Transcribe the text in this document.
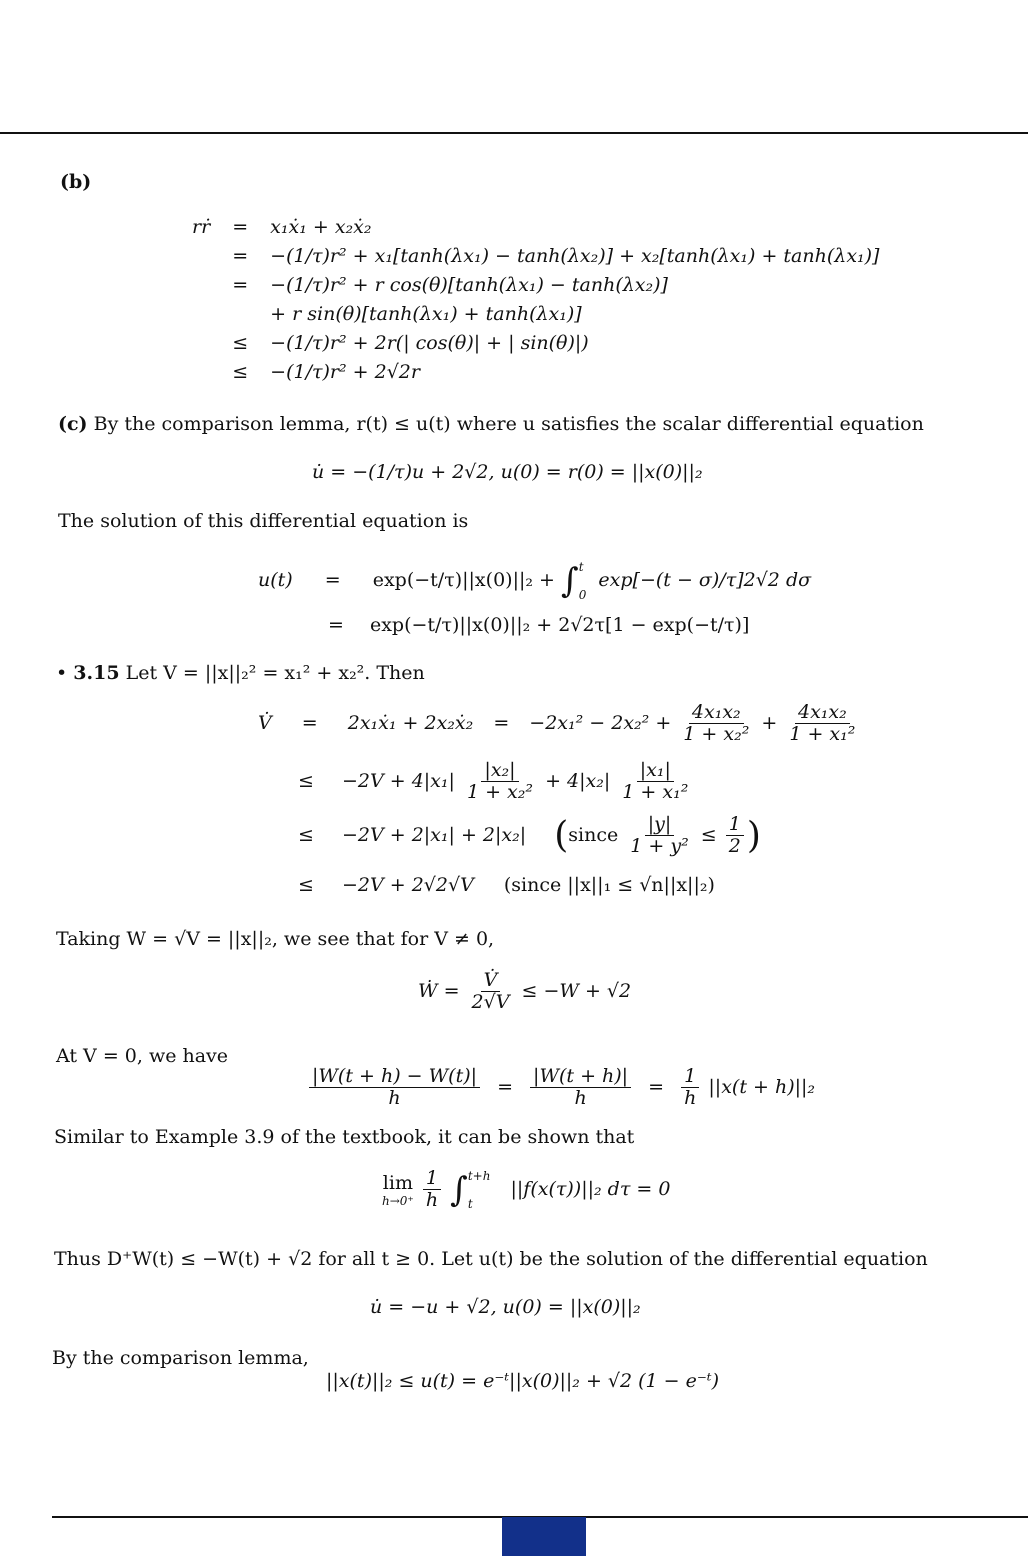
(b)
rṙ	=	x₁ẋ₁ + x₂ẋ₂
	=	−(1/τ)r² + x₁[tanh(λx₁) − tanh(λx₂)] + x₂[tanh(λx₁) + tanh(λx₁)]
	=	−(1/τ)r² + r cos(θ)[tanh(λx₁) − tanh(λx₂)]
		+ r sin(θ)[tanh(λx₁) + tanh(λx₁)]
	≤	−(1/τ)r² + 2r(| cos(θ)| + | sin(θ)|)
	≤	−(1/τ)r² + 2√2r
(c) By the comparison lemma, r(t) ≤ u(t) where u satisfies the scalar differential equation
u̇ = −(1/τ)u + 2√2, u(0) = r(0) = ||x(0)||₂
The solution of this differential equation is
u(t) = exp(−t/τ)||x(0)||₂ + ∫ t
0
exp[−(t − σ)/τ]2√2 dσ
= exp(−t/τ)||x(0)||₂ + 2√2τ[1 − exp(−t/τ)]
• 3.15 Let V = ||x||₂² = x₁² + x₂². Then
V̇ = 2x₁ẋ₁ + 2x₂ẋ₂ = $-2x_1^2 - 2x_2^2 + \frac{\text{4x₁x₂}}{\text{1 + x₂²}} + \frac{\text{4x₁x₂}}{\text{1 + x₁²}}$
≤ $-2V + 4|x_1| \frac{\text{|x₂|}}{\text{1 + x₂²}} + 4|x_2| \frac{\text{|x₁|}}{\text{1 + x₁²}}$
≤ −2V + 2|x₁| + 2|x₂| (since $\frac{|y|}{\text{1 + y²}} \le \frac{1}{2}$ )
≤ −2V + 2√2√V (since ||x||₁ ≤ √n||x||₂)
Taking W = √V = ||x||₂, we see that for V ≠ 0,
Ẇ = $\frac{V̇}{2√V} \le -W + √2$
At V = 0, we have
$\frac{|W(t + h) - W(t)|}{h} = \frac{|W(t + h)|}{h} = \frac{1}{h} ||x(t + h)||_2$
Similar to Example 3.9 of the textbook, it can be shown that
lim
h→0⁺
$\frac{1}{h}$ ∫ t+h
t
||f(x(τ))||₂ dτ = 0
Thus D⁺W(t) ≤ −W(t) + √2 for all t ≥ 0. Let u(t) be the solution of the differential equation
u̇ = −u + √2, u(0) = ||x(0)||₂
By the comparison lemma,
||x(t)||₂ ≤ u(t) = e⁻ᵗ||x(0)||₂ + √2 (1 − e⁻ᵗ)
